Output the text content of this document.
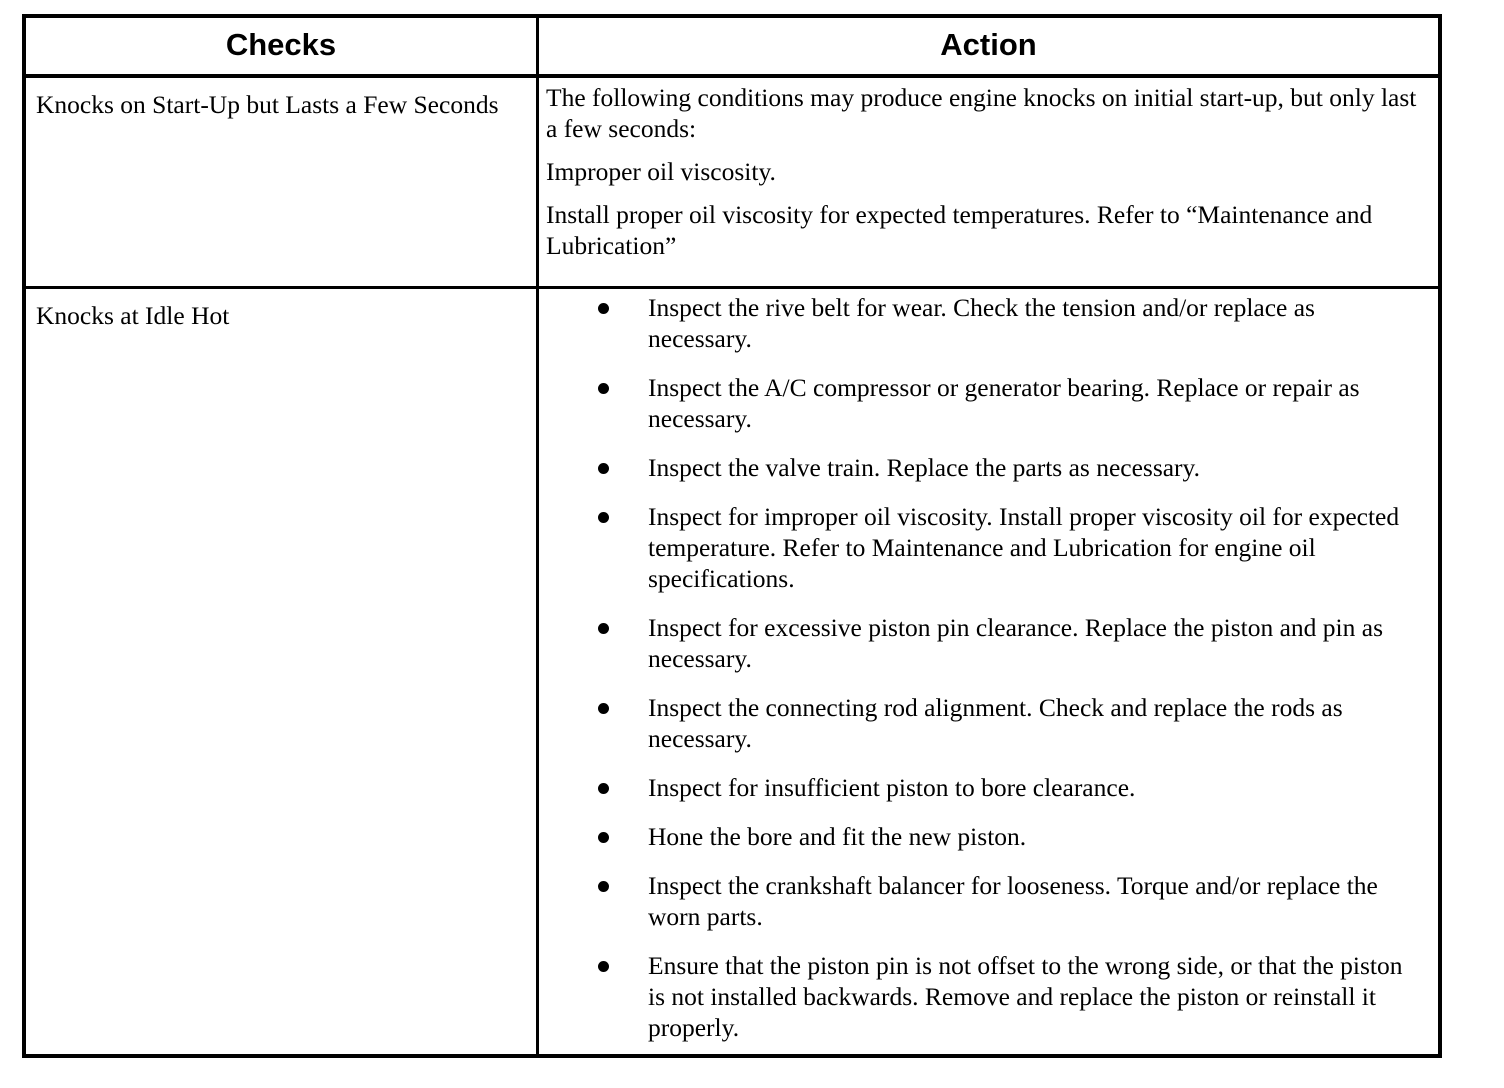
Checks	Action
Knocks on Start-Up but Lasts a Few Seconds The following conditions may produce engine knocks on initial start-up, but only last a few seconds:

Improper oil viscosity.

Install proper oil viscosity for expected temperatures. Refer to “Maintenance and Lubrication”

Knocks at Idle Hot	Inspect the rive belt for wear. Check the tension and/or replace as necessary.
Inspect the A/C compressor or generator bearing. Replace or repair as necessary.
Inspect the valve train. Replace the parts as necessary.
Inspect for improper oil viscosity. Install proper viscosity oil for expected temperature. Refer to Maintenance and Lubrication for engine oil specifications.
Inspect for excessive piston pin clearance. Replace the piston and pin as necessary.
Inspect the connecting rod alignment. Check and replace the rods as necessary.
Inspect for insufficient piston to bore clearance.
Hone the bore and fit the new piston.
Inspect the crankshaft balancer for looseness. Torque and/or replace the worn parts.
Ensure that the piston pin is not offset to the wrong side, or that the piston is not installed backwards. Remove and replace the piston or reinstall it properly.
